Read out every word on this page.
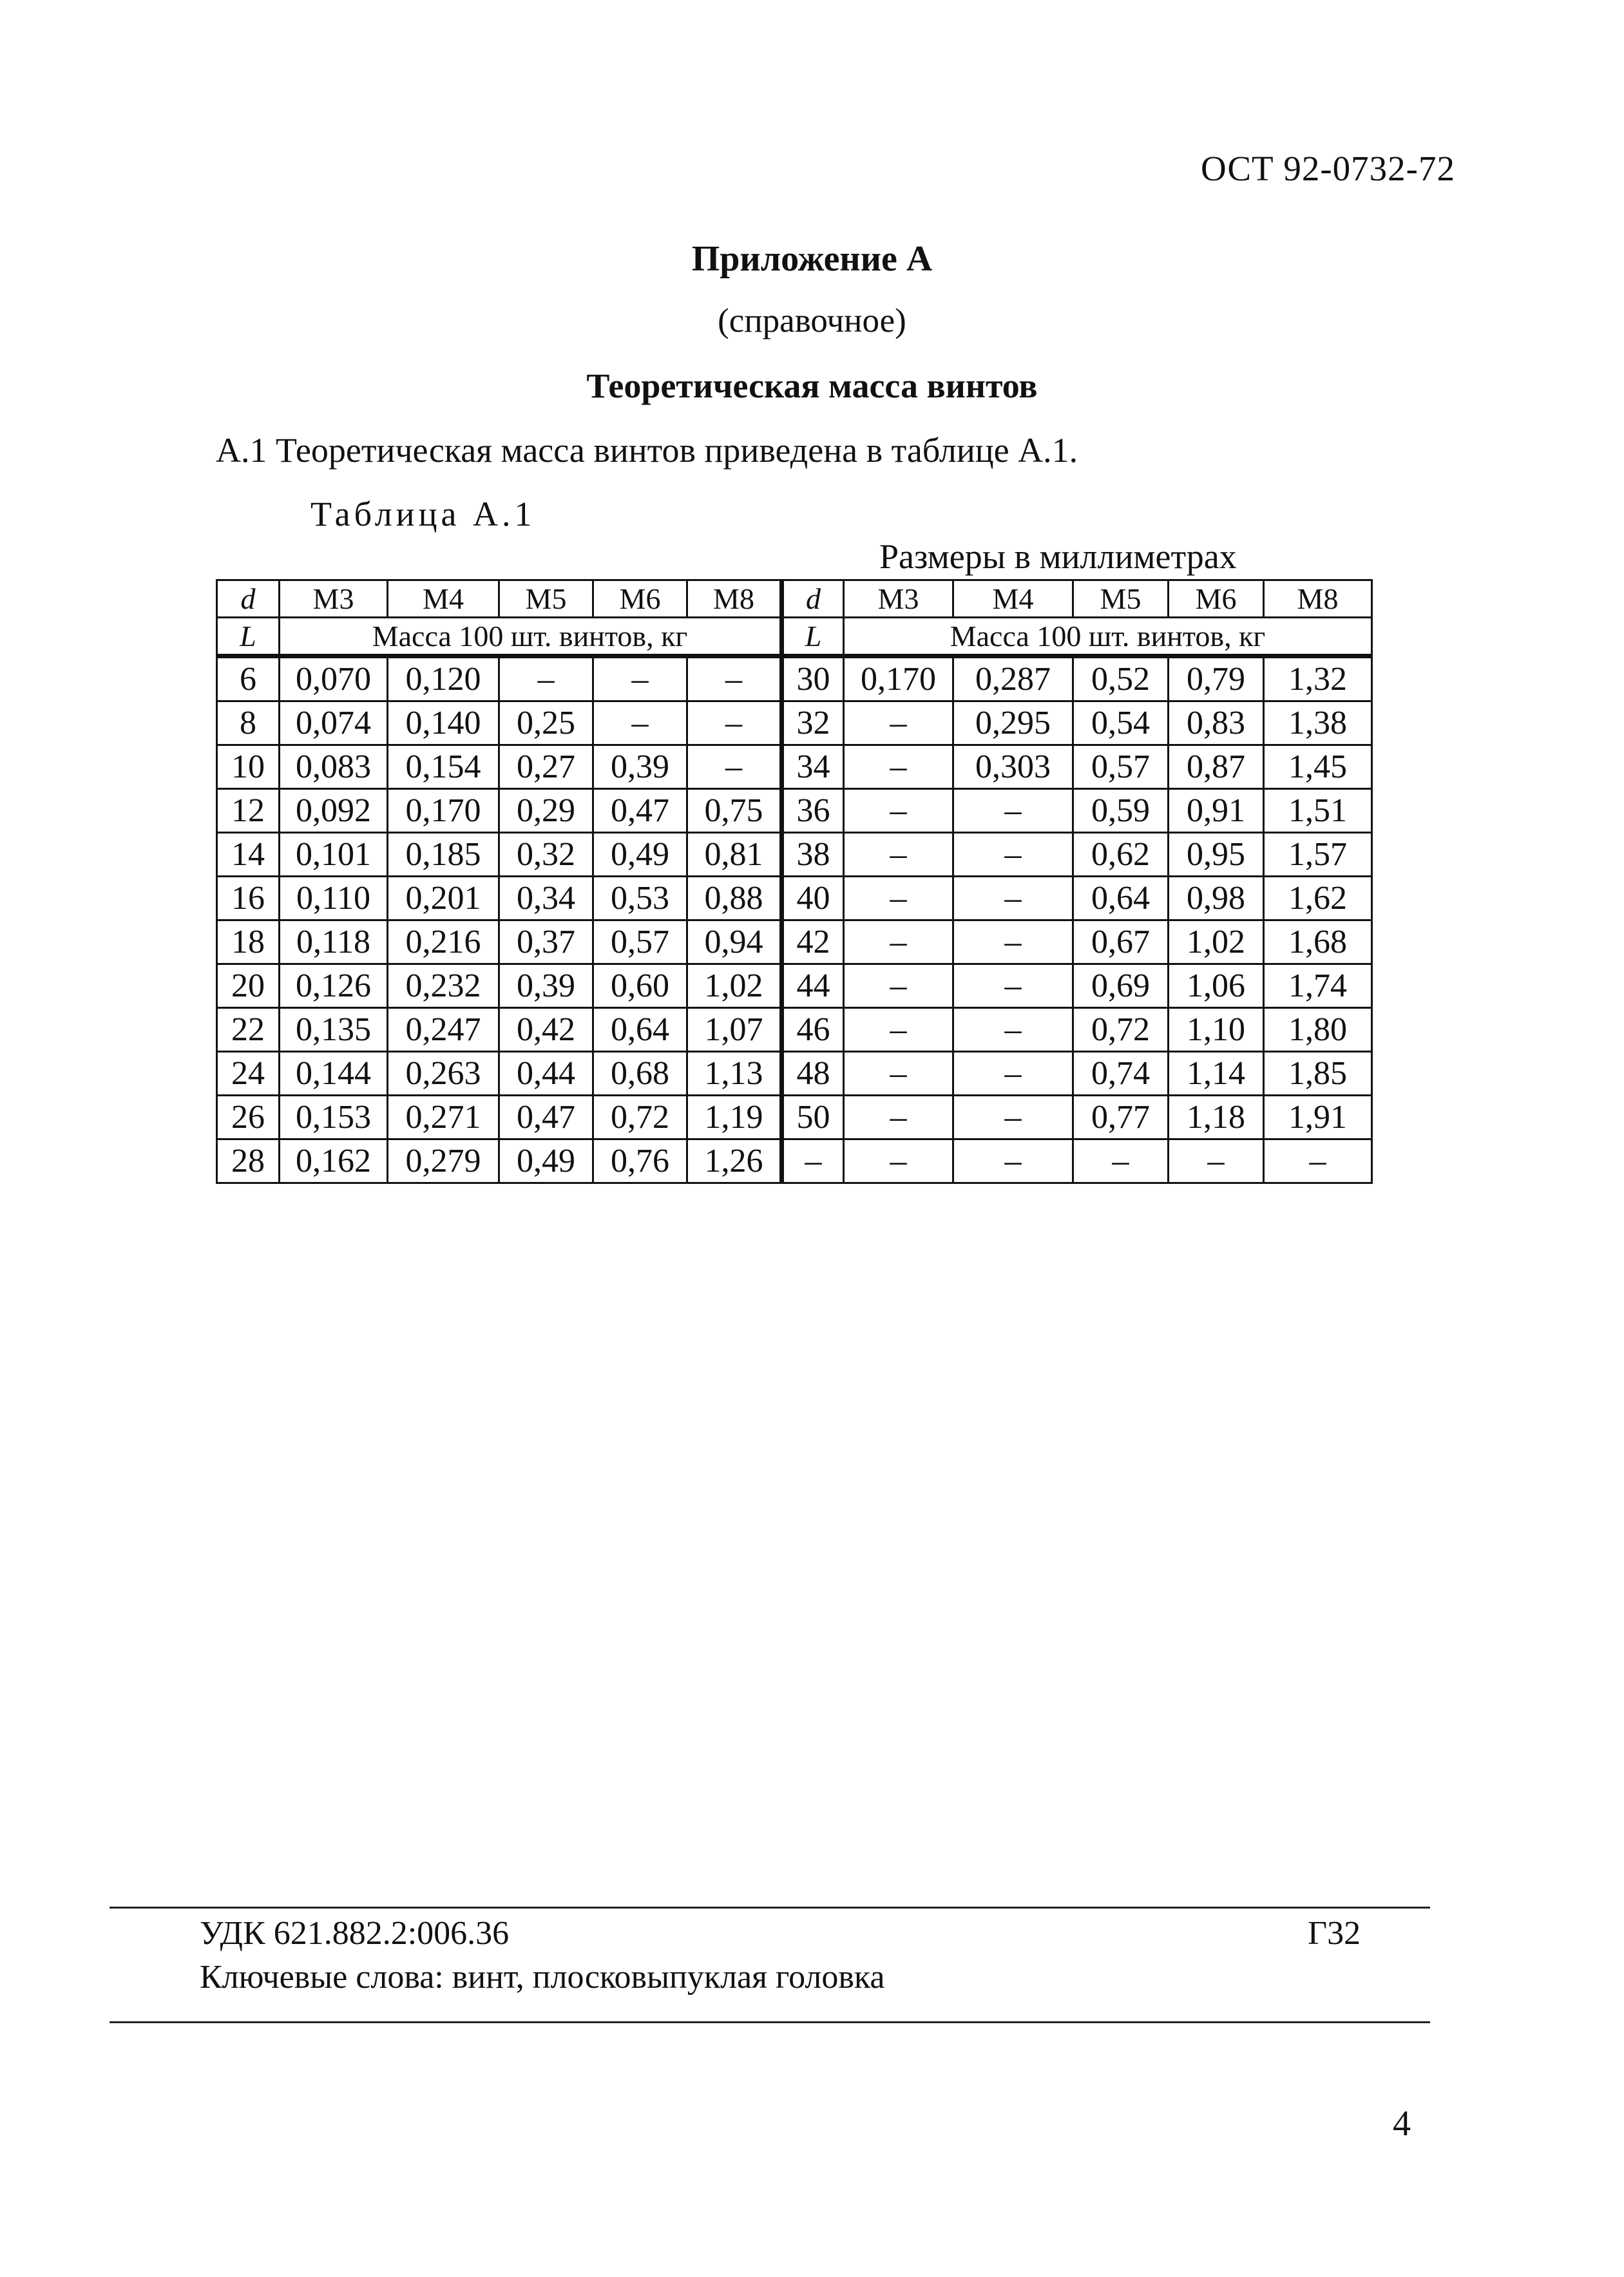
ОСТ 92-0732-72
Приложение А
(справочное)
Теоретическая масса винтов
А.1 Теоретическая масса винтов приведена в таблице А.1.
Таблица А.1
Размеры в миллиметрах
d	М3	М4	М5	М6	М8	d	М3	М4	М5	М6	М8
L	Масса 100 шт. винтов, кг					L	Масса 100 шт. винтов, кг				
6	0,070	0,120	–	–	–	30	0,170	0,287	0,52	0,79	1,32
8	0,074	0,140	0,25	–	–	32	–	0,295	0,54	0,83	1,38
10	0,083	0,154	0,27	0,39	–	34	–	0,303	0,57	0,87	1,45
12	0,092	0,170	0,29	0,47	0,75	36	–	–	0,59	0,91	1,51
14	0,101	0,185	0,32	0,49	0,81	38	–	–	0,62	0,95	1,57
16	0,110	0,201	0,34	0,53	0,88	40	–	–	0,64	0,98	1,62
18	0,118	0,216	0,37	0,57	0,94	42	–	–	0,67	1,02	1,68
20	0,126	0,232	0,39	0,60	1,02	44	–	–	0,69	1,06	1,74
22	0,135	0,247	0,42	0,64	1,07	46	–	–	0,72	1,10	1,80
24	0,144	0,263	0,44	0,68	1,13	48	–	–	0,74	1,14	1,85
26	0,153	0,271	0,47	0,72	1,19	50	–	–	0,77	1,18	1,91
28	0,162	0,279	0,49	0,76	1,26	–	–	–	–	–	–
УДК 621.882.2:006.36	Г32
Ключевые слова: винт, плосковыпуклая головка
4
